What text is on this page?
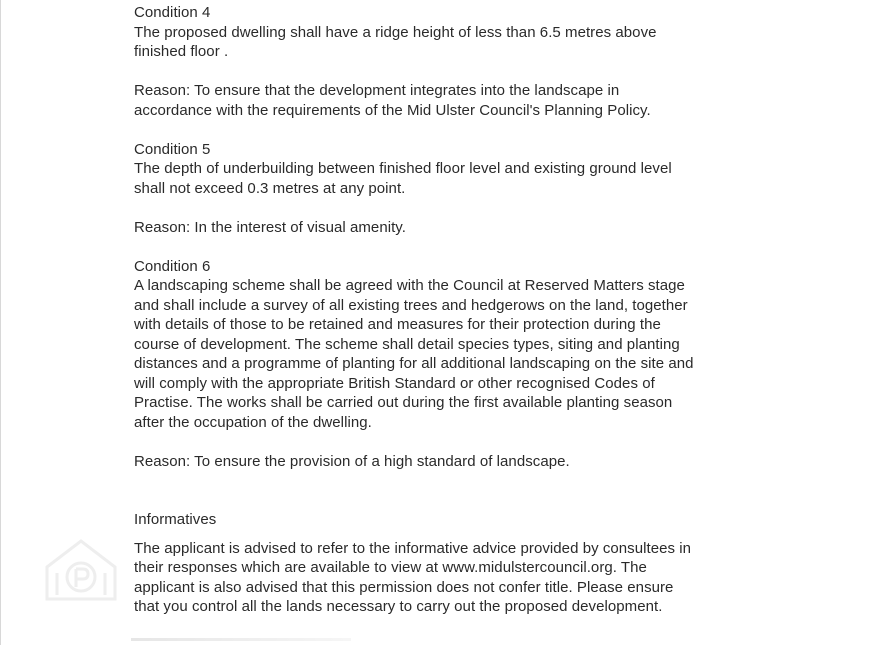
Condition 4
The proposed dwelling shall have a ridge height of less than 6.5 metres above
finished floor .
Reason: To ensure that the development integrates into the landscape in
accordance with the requirements of the Mid Ulster Council's Planning Policy.
Condition 5
The depth of underbuilding between finished floor level and existing ground level
shall not exceed 0.3 metres at any point.
Reason: In the interest of visual amenity.
Condition 6
A landscaping scheme shall be agreed with the Council at Reserved Matters stage
and shall include a survey of all existing trees and hedgerows on the land, together
with details of those to be retained and measures for their protection during the
course of development. The scheme shall detail species types, siting and planting
distances and a programme of planting for all additional landscaping on the site and
will comply with the appropriate British Standard or other recognised Codes of
Practise. The works shall be carried out during the first available planting season
after the occupation of the dwelling.
Reason: To ensure the provision of a high standard of landscape.
Informatives
The applicant is advised to refer to the informative advice provided by consultees in
their responses which are available to view at www.midulstercouncil.org. The
applicant is also advised that this permission does not confer title. Please ensure
that you control all the lands necessary to carry out the proposed development.
